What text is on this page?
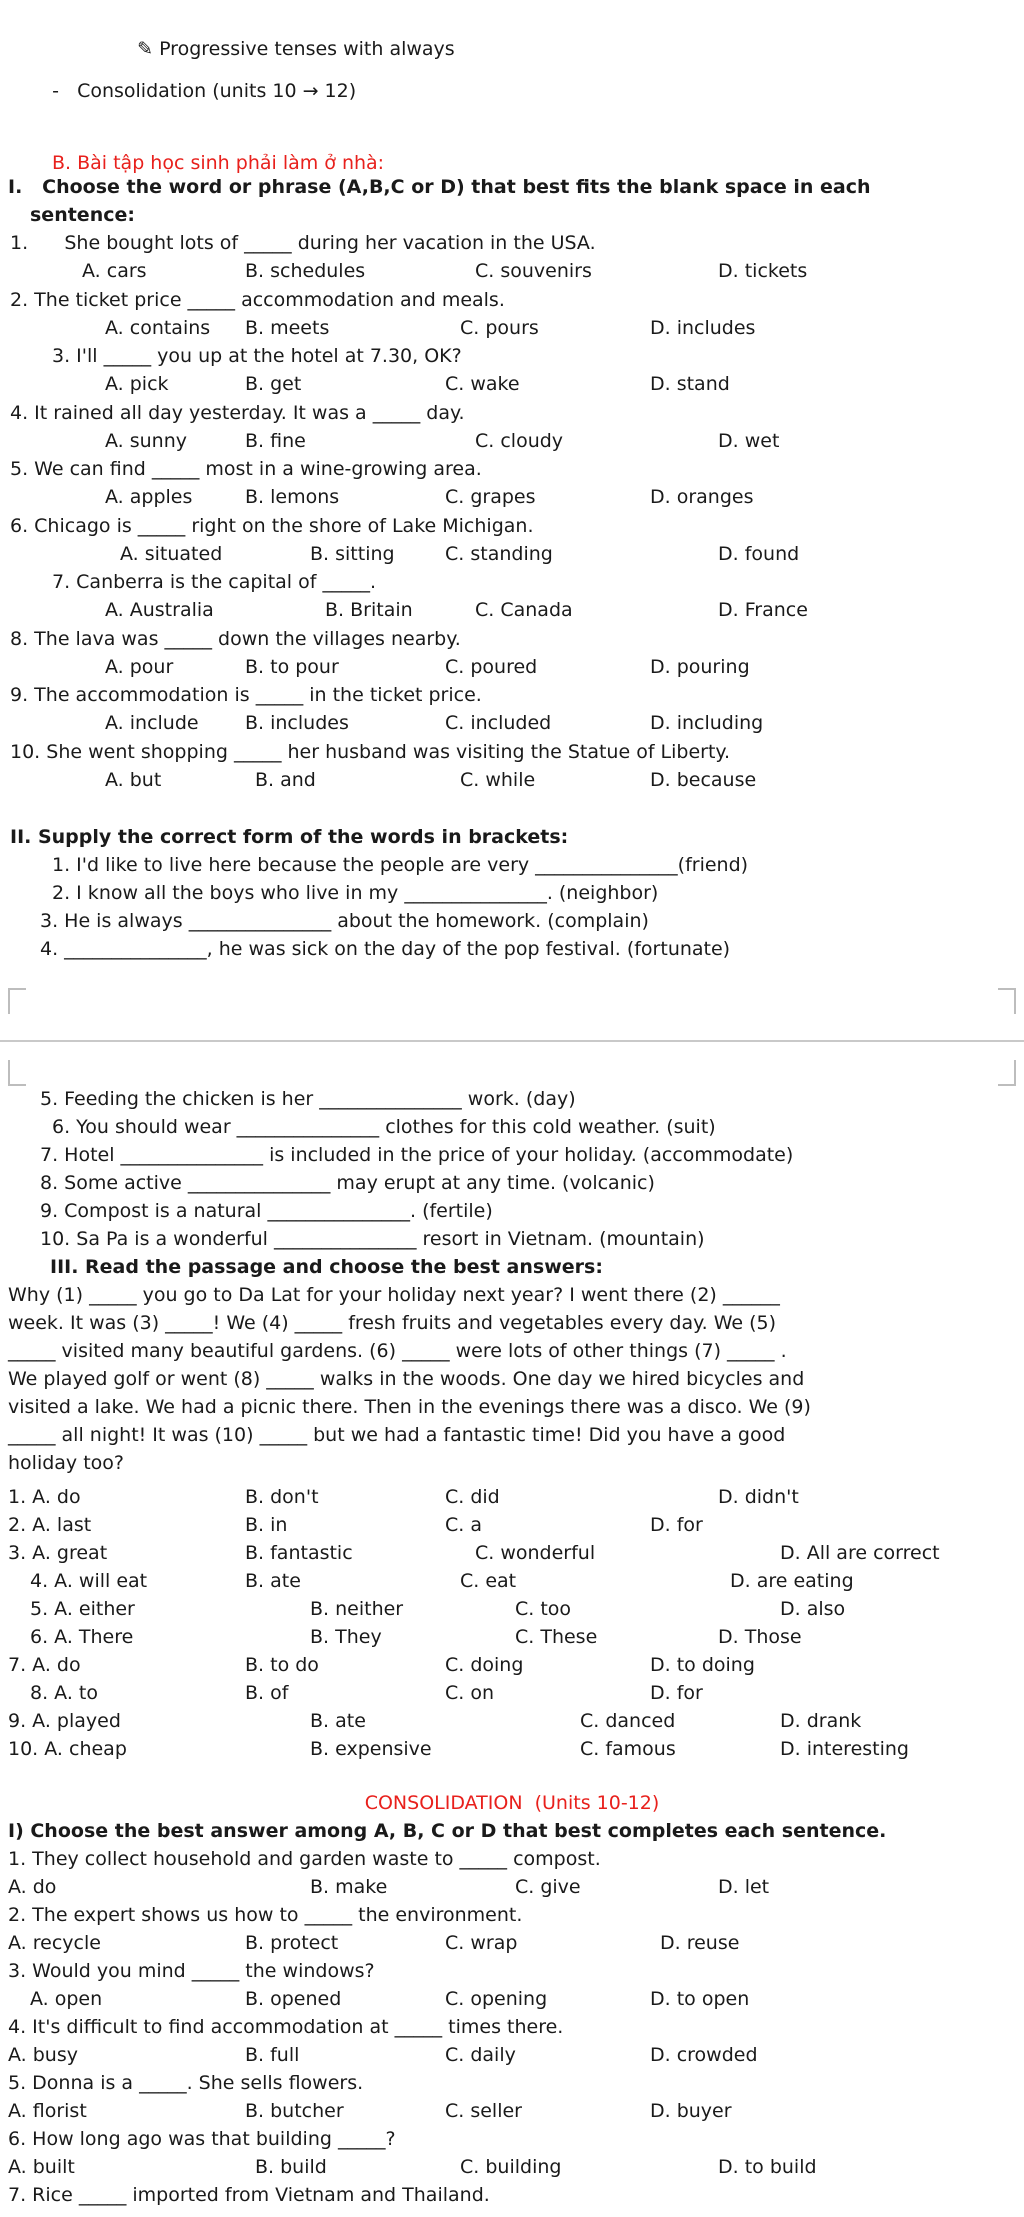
✎ Progressive tenses with always

-   Consolidation (units 10 → 12)

B. Bài tập học sinh phải làm ở nhà:
I.   Choose the word or phrase (A,B,C or D) that best fits the blank space in each
sentence:
II. Supply the correct form of the words in brackets:
1. I'd like to live here because the people are very _______________(friend)
2. I know all the boys who live in my _______________. (neighbor)
3. He is always _______________ about the homework. (complain)
4. _______________, he was sick on the day of the pop festival. (fortunate)
5. Feeding the chicken is her _______________ work. (day)
6. You should wear _______________ clothes for this cold weather. (suit)
7. Hotel _______________ is included in the price of your holiday. (accommodate)
8. Some active _______________ may erupt at any time. (volcanic)
9. Compost is a natural _______________. (fertile)
10. Sa Pa is a wonderful _______________ resort in Vietnam. (mountain)
III. Read the passage and choose the best answers:
CONSOLIDATION  (Units 10-12)
I) Choose the best answer among A, B, C or D that best completes each sentence.
7. Rice _____ imported from Vietnam and Thailand.
1.      She bought lots of _____ during her vacation in the USA.
A. cars	B. schedules	C. souvenirs	D. tickets
2. The ticket price _____ accommodation and meals.
A. contains B. meets	C. pours	D. includes
3. I'll _____ you up at the hotel at 7.30, OK?
A. pick	B. get	C. wake	D. stand
4. It rained all day yesterday. It was a _____ day.
A. sunny	B. fine	C. cloudy	D. wet
5. We can find _____ most in a wine-growing area.
A. apples	B. lemons	C. grapes	D. oranges
6. Chicago is _____ right on the shore of Lake Michigan.
A. situated	B. sitting	C. standing	D. found
7. Canberra is the capital of _____.
A. Australia	B. Britain	C. Canada	D. France
8. The lava was _____ down the villages nearby.
A. pour	B. to pour	C. poured	D. pouring
9. The accommodation is _____ in the ticket price.
A. include B. includes	C. included	D. including
10. She went shopping _____ her husband was visiting the Statue of Liberty.
A. but	B. and	C. while	D. because
Why (1) _____ you go to Da Lat for your holiday next year? I went there (2) ______
week. It was (3) _____! We (4) _____ fresh fruits and vegetables every day. We (5)
_____ visited many beautiful gardens. (6) _____ were lots of other things (7) _____ .
We played golf or went (8) _____ walks in the woods. One day we hired bicycles and
visited a lake. We had a picnic there. Then in the evenings there was a disco. We (9)
_____ all night! It was (10) _____ but we had a fantastic time! Did you have a good
holiday too?
1. A. do	B. don't	C. did	D. didn't
2. A. last	B. in	C. a	D. for
3. A. great	B. fantastic	C. wonderful	D. All are correct
4. A. will eat	B. ate	C. eat	D. are eating
5. A. either	B. neither	C. too	D. also
6. A. There	B. They	C. These	D. Those
7. A. do	B. to do	C. doing	D. to doing
8. A. to	B. of	C. on	D. for
9. A. played	B. ate	C. danced	D. drank
10. A. cheap	B. expensive	C. famous	D. interesting
1. They collect household and garden waste to _____ compost.
A. do	B. make	C. give	D. let
2. The expert shows us how to _____ the environment.
A. recycle	B. protect	C. wrap	D. reuse
3. Would you mind _____ the windows?
A. open	B. opened	C. opening	D. to open
4. It's difficult to find accommodation at _____ times there.
A. busy	B. full	C. daily	D. crowded
5. Donna is a _____. She sells flowers.
A. florist	B. butcher	C. seller	D. buyer
6. How long ago was that building _____?
A. built	B. build	C. building	D. to build
